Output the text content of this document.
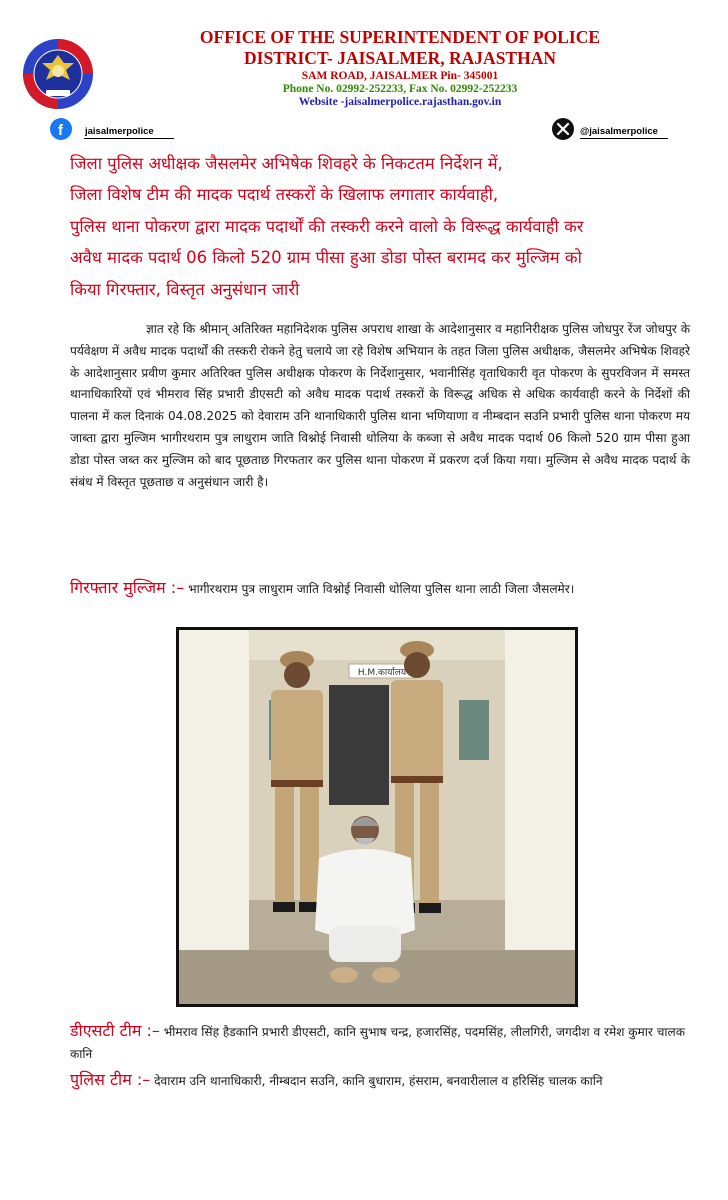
OFFICE OF THE SUPERINTENDENT OF POLICE
DISTRICT- JAISALMER, RAJASTHAN
SAM ROAD, JAISALMER Pin- 345001
Phone No. 02992-252233, Fax No. 02992-252233
Website -jaisalmerpolice.rajasthan.gov.in
f jaisalmerpolice	@jaisalmerpolice

जिला पुलिस अधीक्षक जैसलमेर अभिषेक शिवहरे के निकटतम निर्देशन में,

जिला विशेष टीम की मादक पदार्थ तस्करों के खिलाफ लगातार कार्यवाही,

पुलिस थाना पोकरण द्वारा मादक पदार्थों की तस्करी करने वालो के विरूद्ध कार्यवाही कर

अवैध मादक पदार्थ 06 किलो 520 ग्राम पीसा हुआ डोडा पोस्त बरामद कर मुल्जिम को

किया गिरफ्तार, विस्तृत अनुसंधान जारी

ज्ञात रहे कि श्रीमान् अतिरिक्त महानिदेशक पुलिस अपराध शाखा के आदेशानुसार व महानिरीक्षक पुलिस जोधपुर रेंज जोधपुर के पर्यवेक्षण में अवैध मादक पदार्थों की तस्करी रोकने हेतु चलाये जा रहे विशेष अभियान के तहत जिला पुलिस अधीक्षक, जैसलमेर अभिषेक शिवहरे के आदेशानुसार प्रवीण कुमार अतिरिक्त पुलिस अधीक्षक पोकरण के निर्देशानुसार, भवानीसिंह वृताधिकारी वृत पोकरण के सुपरविजन में समस्त थानाधिकारियों एवं भीमराव सिंह प्रभारी डीएसटी को अवैध मादक पदार्थ तस्करों के विरूद्ध अधिक से अधिक कार्यवाही करने के निर्देशों की पालना में कल दिनाकं 04.08.2025 को देवाराम उनि थानाधिकारी पुलिस थाना भणियाणा व नीम्बदान सउनि प्रभारी पुलिस थाना पोकरण मय जाब्ता द्वारा मुल्जिम भागीरथराम पुत्र लाधुराम जाति विश्नोई निवासी धोलिया के कब्जा से अवैध मादक पदार्थ 06 किलो 520 ग्राम पीसा हुआ डोडा पोस्त जब्त कर मुल्जिम को बाद पूछताछ गिरफतार कर पुलिस थाना पोकरण में प्रकरण दर्ज किया गया। मुल्जिम से अवैध मादक पदार्थ के संबंध में विस्तृत पूछताछ व अनुसंधान जारी है।

गिरफ्तार मुल्जिम :– भागीरथराम पुत्र लाधुराम जाति विश्नोई निवासी धोलिया पुलिस थाना लाठी जिला जैसलमेर।

H.M.कार्यालय

डीएसटी टीम :– भीमराव सिंह हैडकानि प्रभारी डीएसटी, कानि सुभाष चन्द्र, हजारसिंह, पदमसिंह, लीलगिरी, जगदीश व रमेश कुमार चालक कानि

पुलिस टीम :– देवाराम उनि थानाधिकारी, नीम्बदान सउनि, कानि बुधाराम, हंसराम, बनवारीलाल व हरिसिंह चालक कानि
